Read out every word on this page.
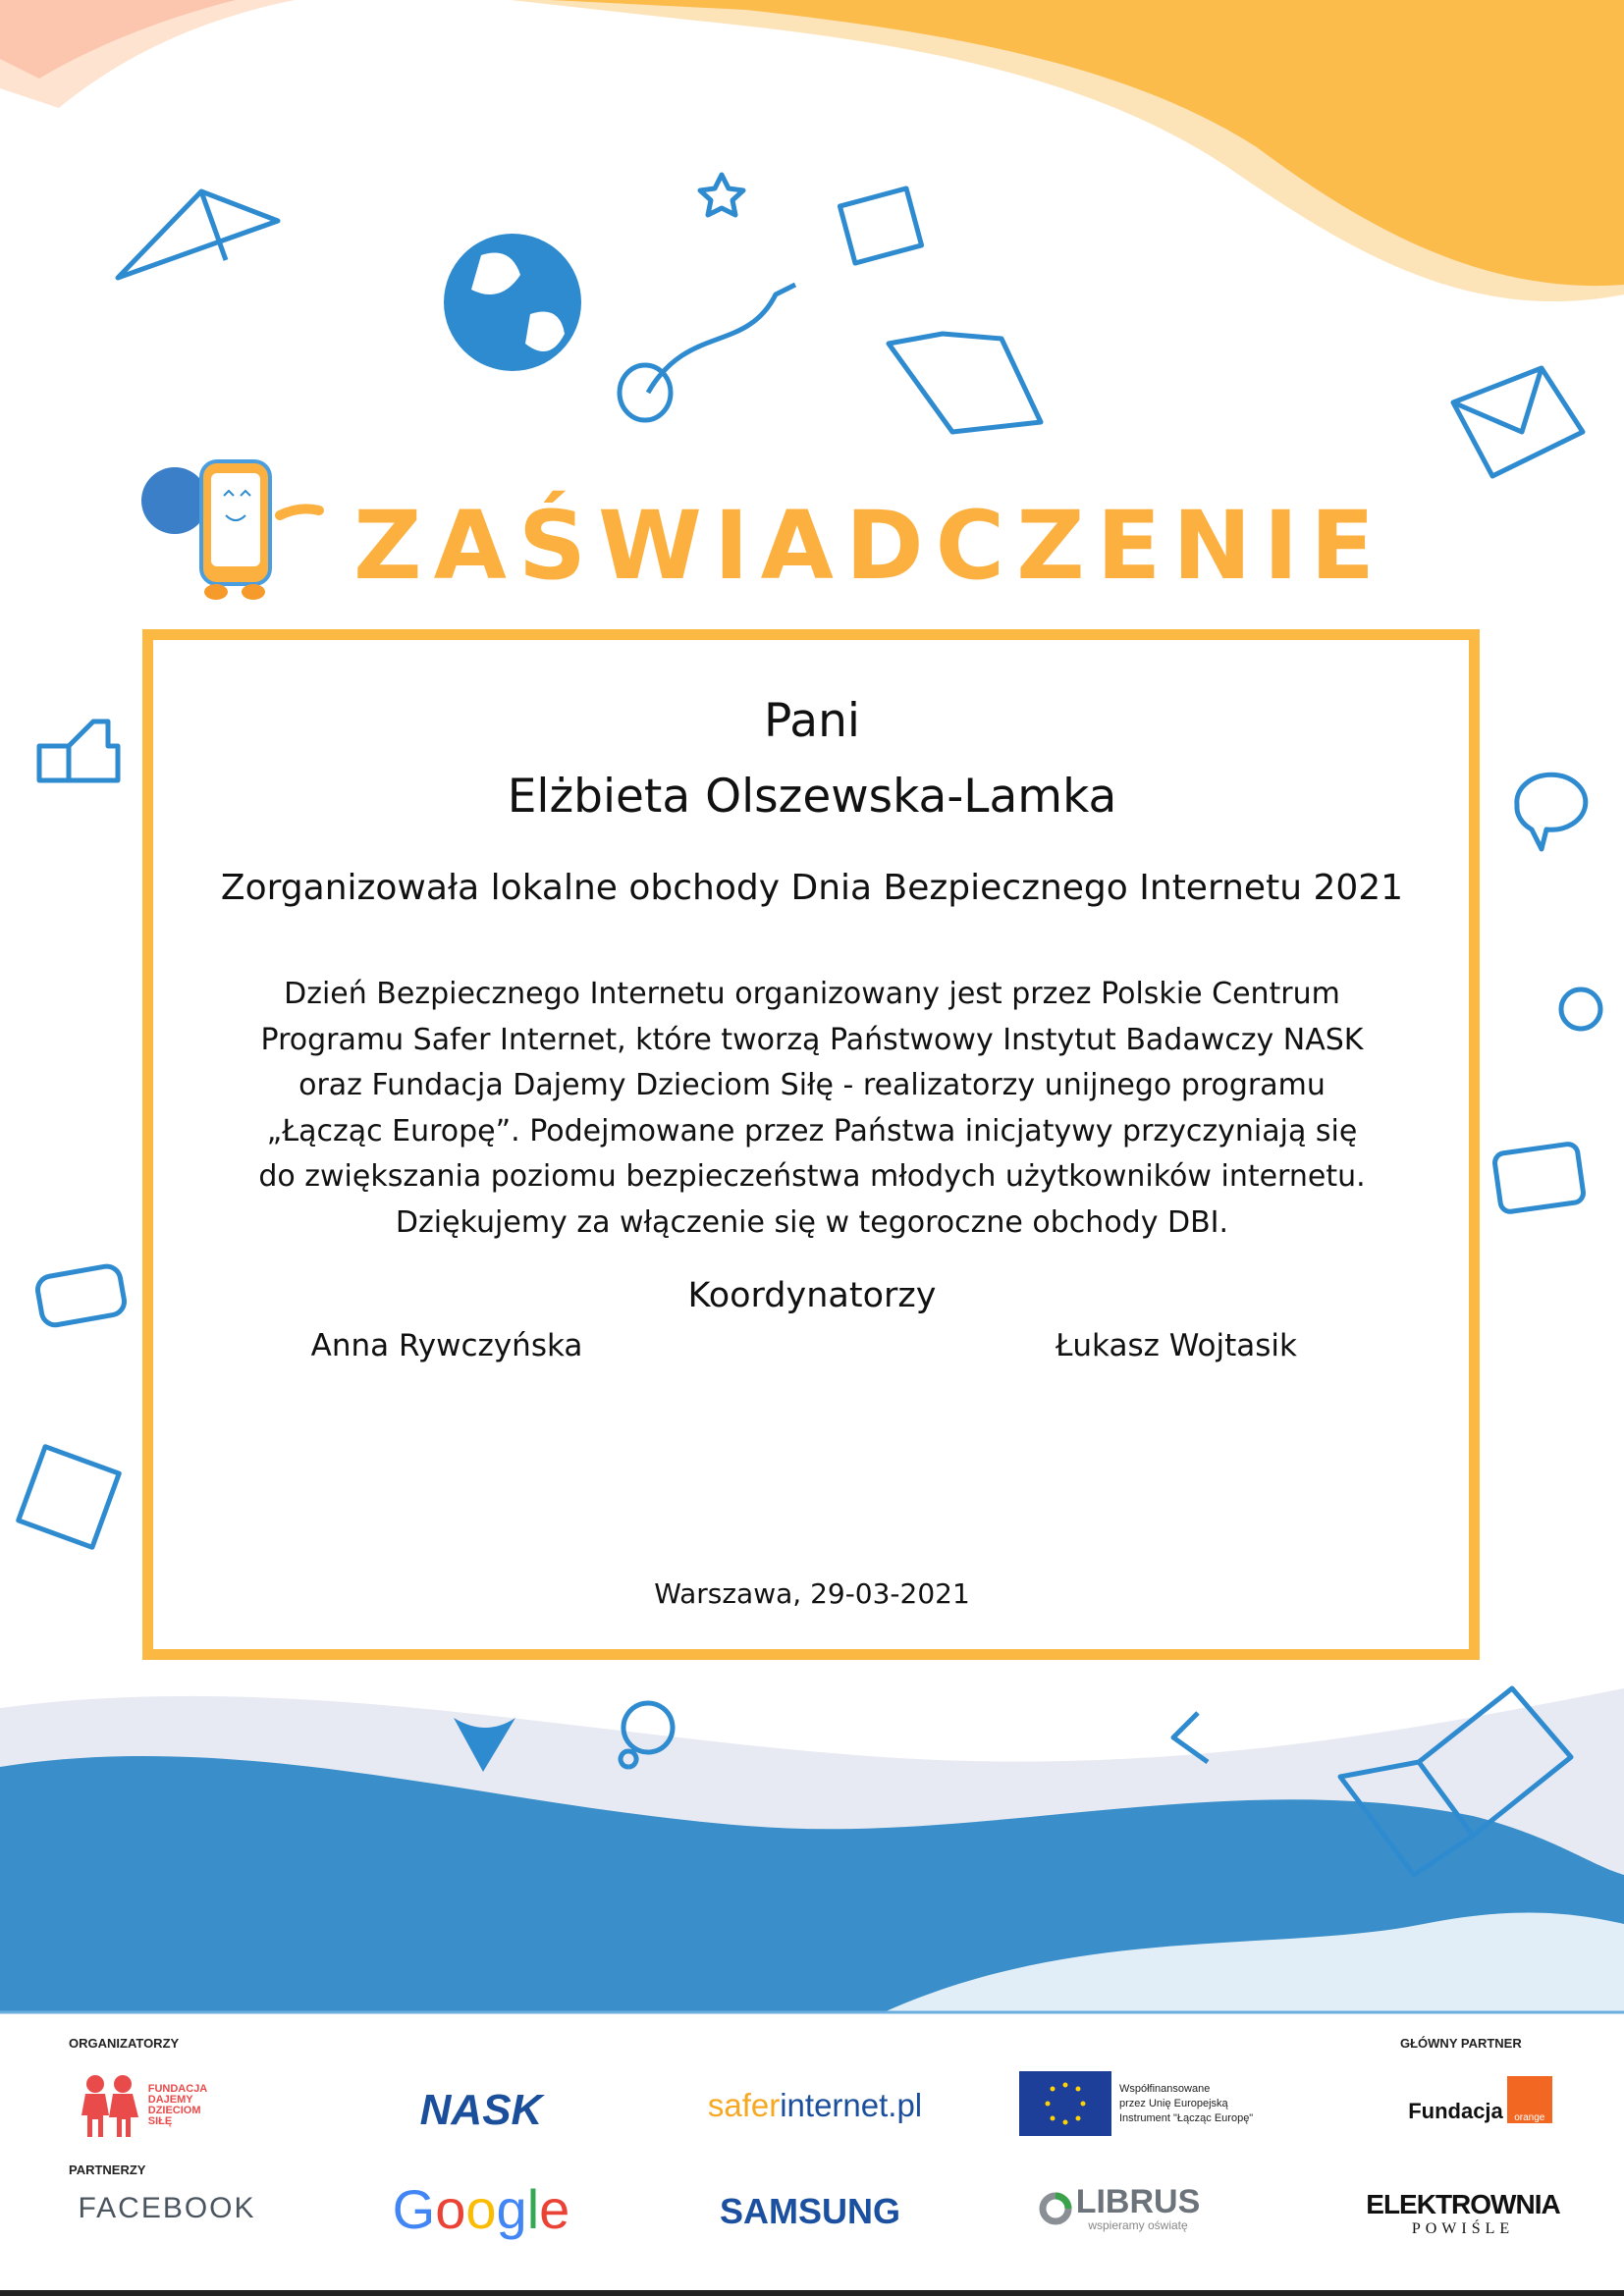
ZAŚWIADCZENIE
Pani
Elżbieta Olszewska-Lamka
Zorganizowała lokalne obchody Dnia Bezpiecznego Internetu 2021
Dzień Bezpiecznego Internetu organizowany jest przez Polskie Centrum
Programu Safer Internet, które tworzą Państwowy Instytut Badawczy NASK
oraz Fundacja Dajemy Dzieciom Siłę - realizatorzy unijnego programu
„Łącząc Europę”. Podejmowane przez Państwa inicjatywy przyczyniają się
do zwiększania poziomu bezpieczeństwa młodych użytkowników internetu.
Dziękujemy za włączenie się w tegoroczne obchody DBI.
Koordynatorzy
Anna Rywczyńska	Łukasz Wojtasik
Warszawa, 29-03-2021
ORGANIZATORZY	GŁÓWNY PARTNER
PARTNERZY
FUNDACJA
DAJEMY
DZIECIOM
SIŁĘ	NASK	safer internet.pl	Współfinansowane
przez Unię Europejską
Instrument "Łącząc Europę"	Fundacja	orange
FACEBOOK G o o g l e	SAMSUNG	LIBRUS
wspieramy oświatę
ELEKTROWNIA
POWIŚLE
